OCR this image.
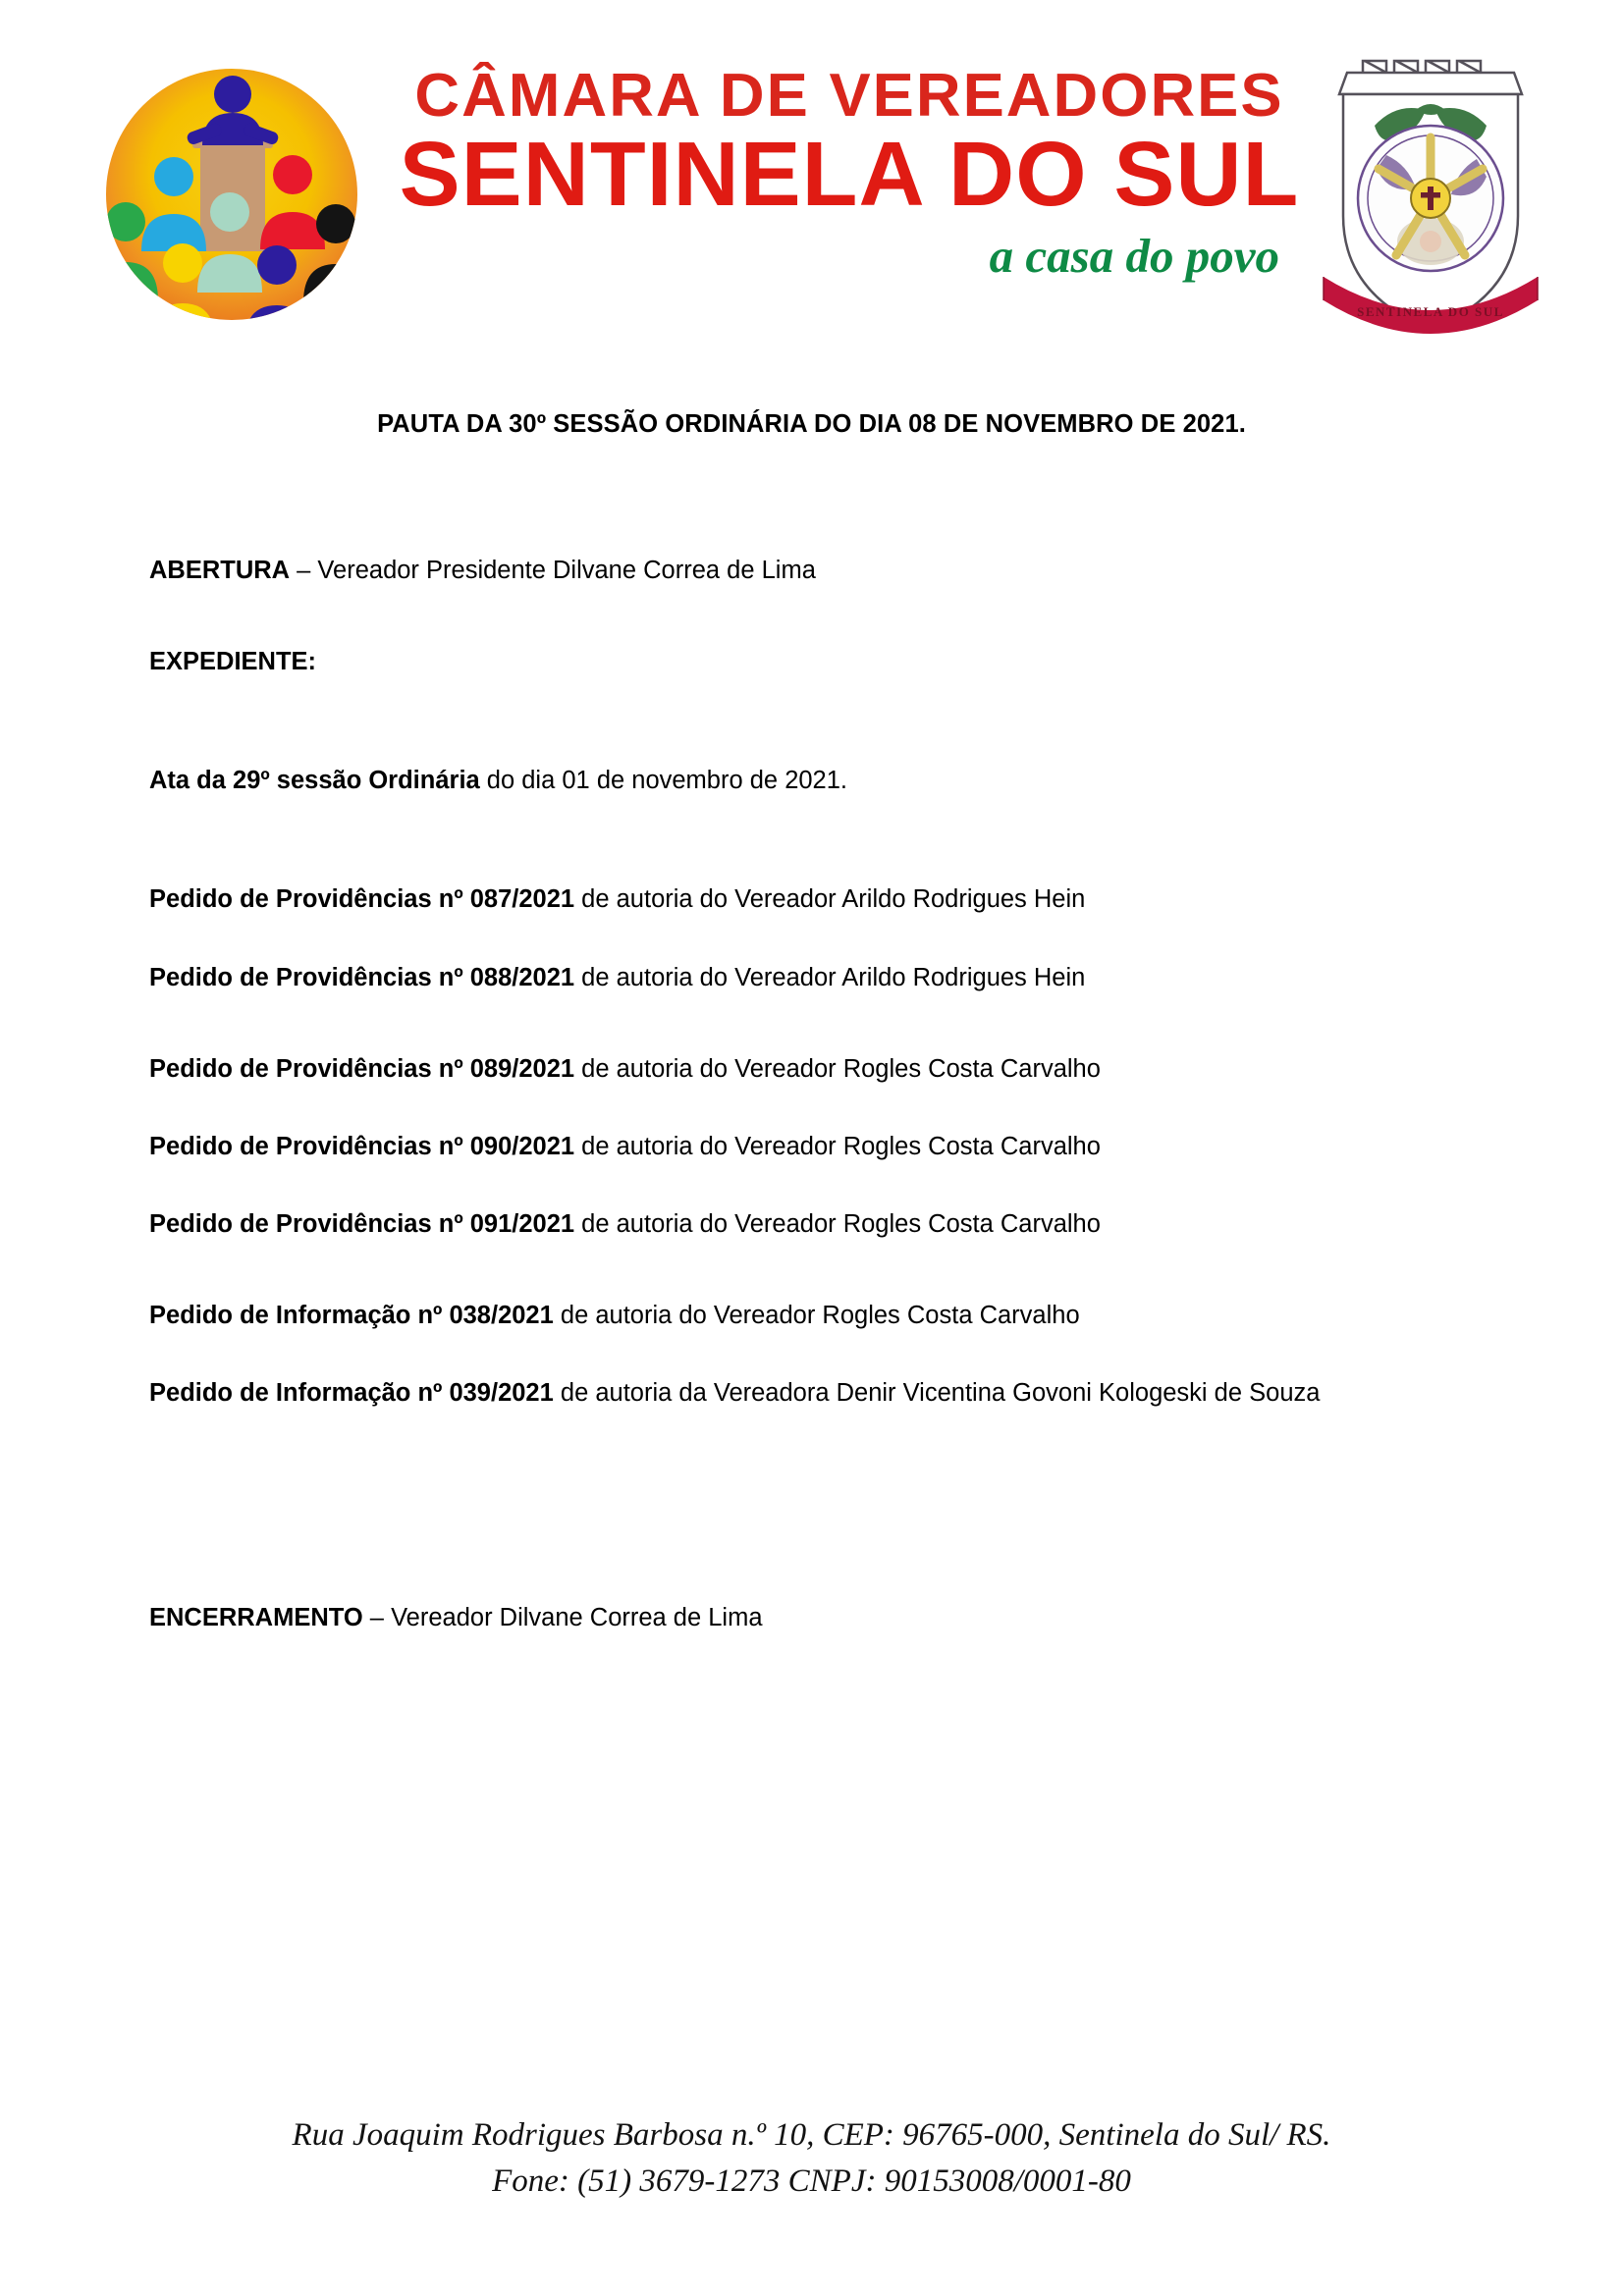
CÂMARA DE VEREADORES
SENTINELA DO SUL
a casa do povo
SENTINELA DO SUL
PAUTA DA 30º SESSÃO ORDINÁRIA DO DIA 08 DE NOVEMBRO DE 2021.

ABERTURA – Vereador Presidente Dilvane Correa de Lima

EXPEDIENTE:

Ata da 29º sessão Ordinária do dia 01 de novembro de 2021.

Pedido de Providências nº 087/2021 de autoria do Vereador Arildo Rodrigues Hein

Pedido de Providências nº 088/2021 de autoria do Vereador Arildo Rodrigues Hein

Pedido de Providências nº 089/2021 de autoria do Vereador Rogles Costa Carvalho

Pedido de Providências nº 090/2021 de autoria do Vereador Rogles Costa Carvalho

Pedido de Providências nº 091/2021 de autoria do Vereador Rogles Costa Carvalho

Pedido de Informação nº 038/2021 de autoria do Vereador Rogles Costa Carvalho

Pedido de Informação nº 039/2021 de autoria da Vereadora Denir Vicentina Govoni Kologeski de Souza

ENCERRAMENTO – Vereador Dilvane Correa de Lima

Rua Joaquim Rodrigues Barbosa n.º 10, CEP: 96765-000, Sentinela do Sul/ RS.
Fone: (51) 3679-1273 CNPJ: 90153008/0001-80
